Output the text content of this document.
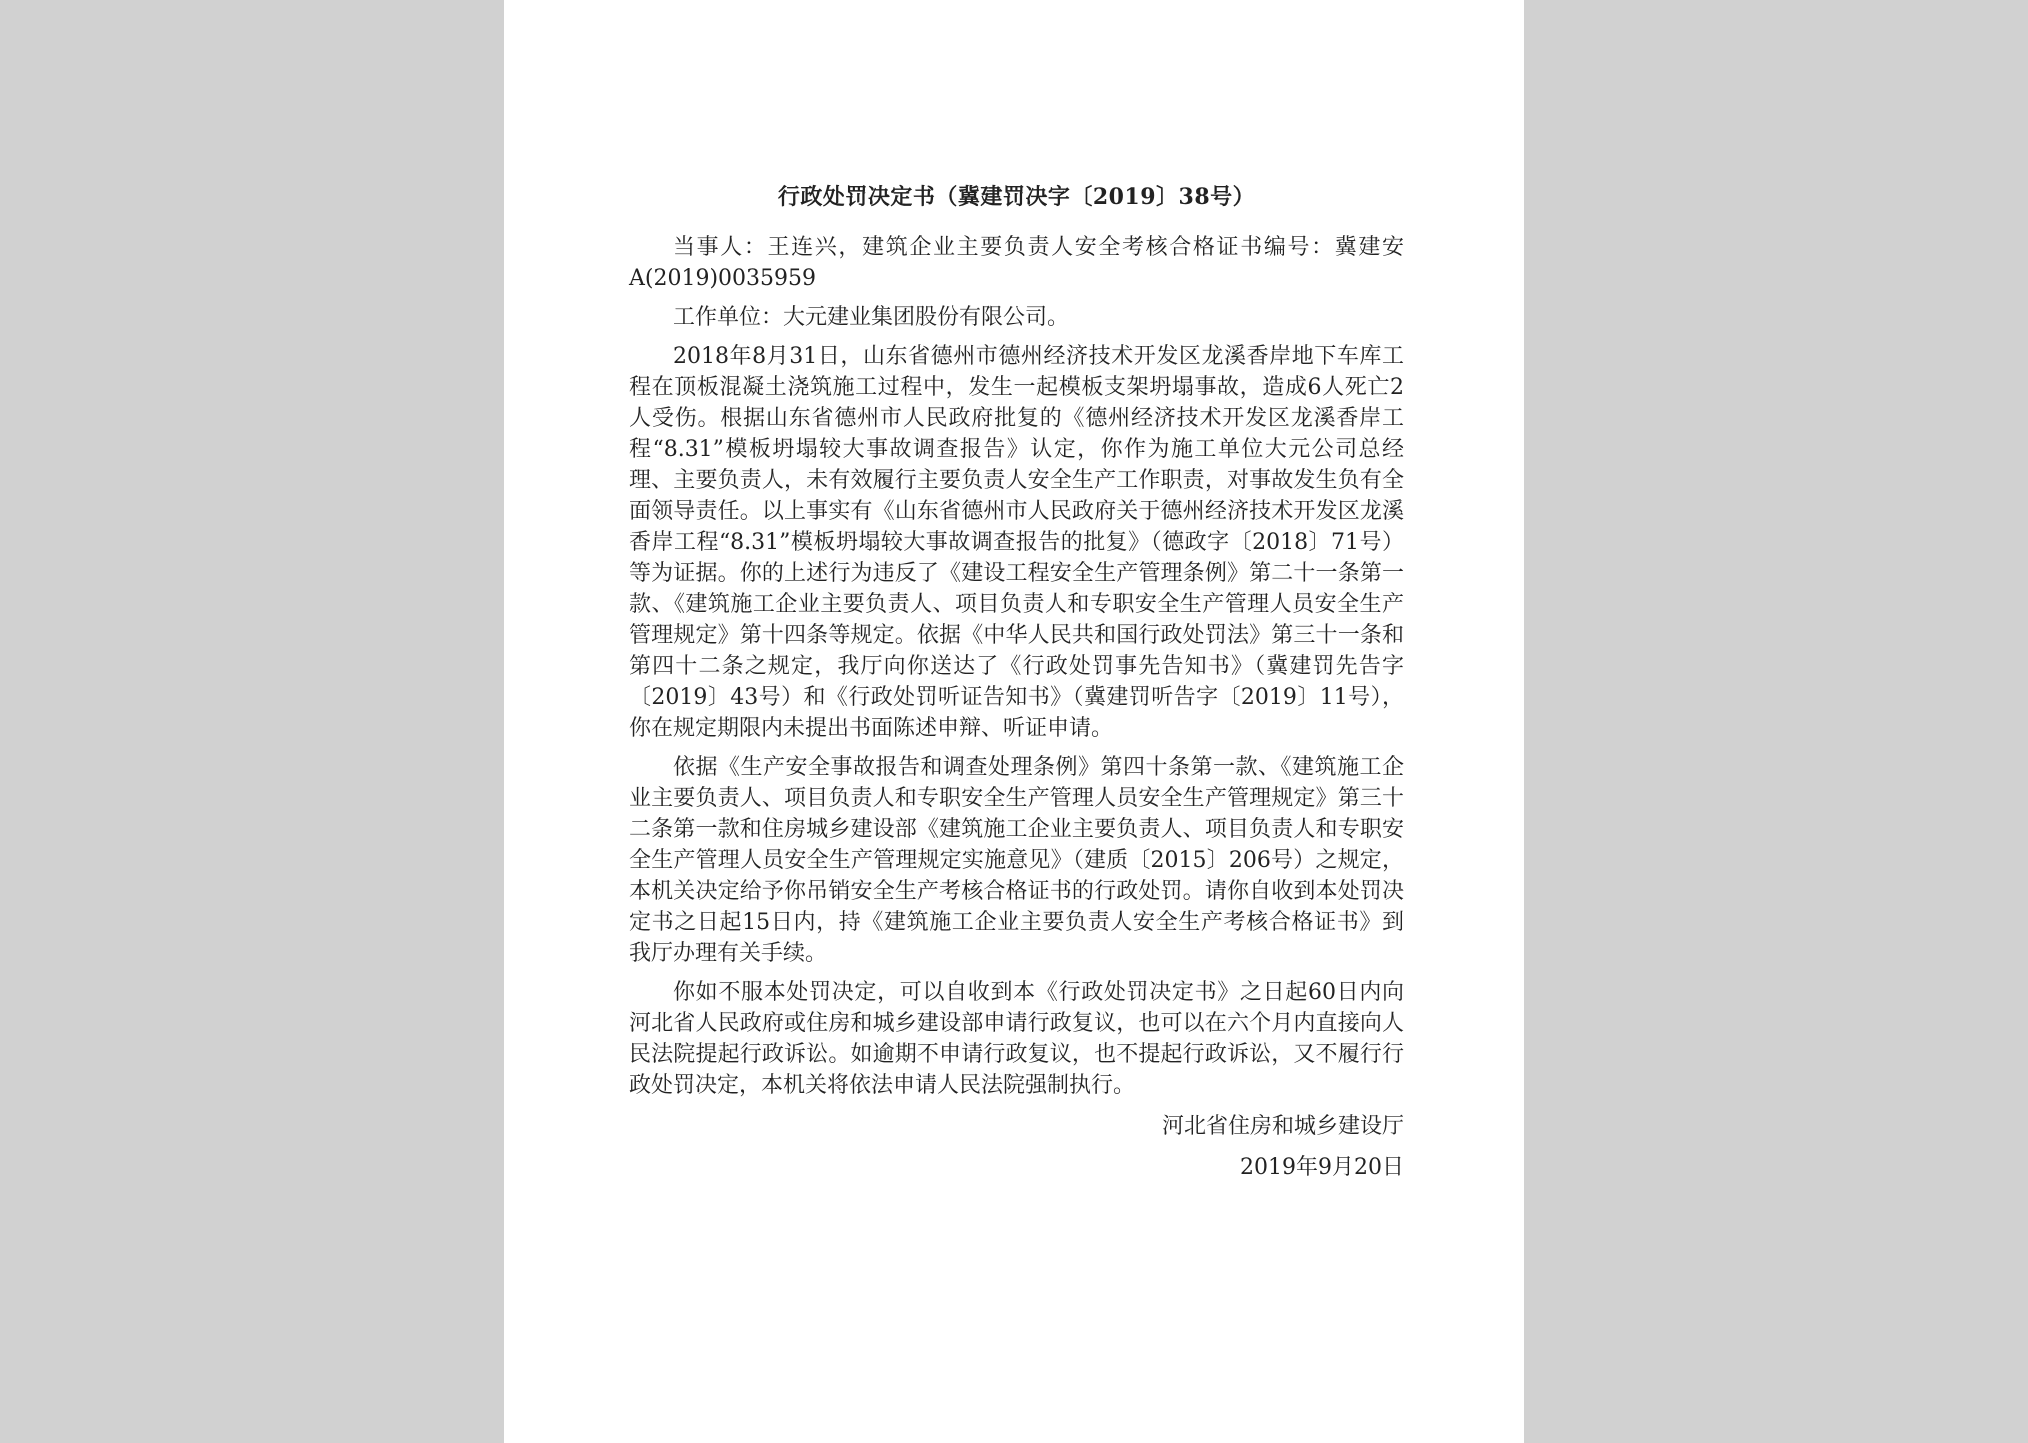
行政处罚决定书（冀建罚决字〔2019〕38号）

当事人：王连兴，建筑企业主要负责人安全考核合格证书编号：冀建安A(2019)0035959

工作单位：大元建业集团股份有限公司。

2018年8月31日，山东省德州市德州经济技术开发区龙溪香岸地下车库工程在顶板混凝土浇筑施工过程中，发生一起模板支架坍塌事故，造成6人死亡2人受伤。根据山东省德州市人民政府批复的《德州经济技术开发区龙溪香岸工程“8.31”模板坍塌较大事故调查报告》认定，你作为施工单位大元公司总经理、主要负责人，未有效履行主要负责人安全生产工作职责，对事故发生负有全面领导责任。以上事实有《山东省德州市人民政府关于德州经济技术开发区龙溪香岸工程“8.31”模板坍塌较大事故调查报告的批复》（德政字〔2018〕71号）等为证据。你的上述行为违反了《建设工程安全生产管理条例》第二十一条第一款、《建筑施工企业主要负责人、项目负责人和专职安全生产管理人员安全生产管理规定》第十四条等规定。依据《中华人民共和国行政处罚法》第三十一条和第四十二条之规定，我厅向你送达了《行政处罚事先告知书》（冀建罚先告字〔2019〕43号）和《行政处罚听证告知书》（冀建罚听告字〔2019〕11号），你在规定期限内未提出书面陈述申辩、听证申请。

依据《生产安全事故报告和调查处理条例》第四十条第一款、《建筑施工企业主要负责人、项目负责人和专职安全生产管理人员安全生产管理规定》第三十二条第一款和住房城乡建设部《建筑施工企业主要负责人、项目负责人和专职安全生产管理人员安全生产管理规定实施意见》（建质〔2015〕206号）之规定，本机关决定给予你吊销安全生产考核合格证书的行政处罚。请你自收到本处罚决定书之日起15日内，持《建筑施工企业主要负责人安全生产考核合格证书》到我厅办理有关手续。

你如不服本处罚决定，可以自收到本《行政处罚决定书》之日起60日内向河北省人民政府或住房和城乡建设部申请行政复议，也可以在六个月内直接向人民法院提起行政诉讼。如逾期不申请行政复议，也不提起行政诉讼，又不履行行政处罚决定，本机关将依法申请人民法院强制执行。

河北省住房和城乡建设厅

2019年9月20日
